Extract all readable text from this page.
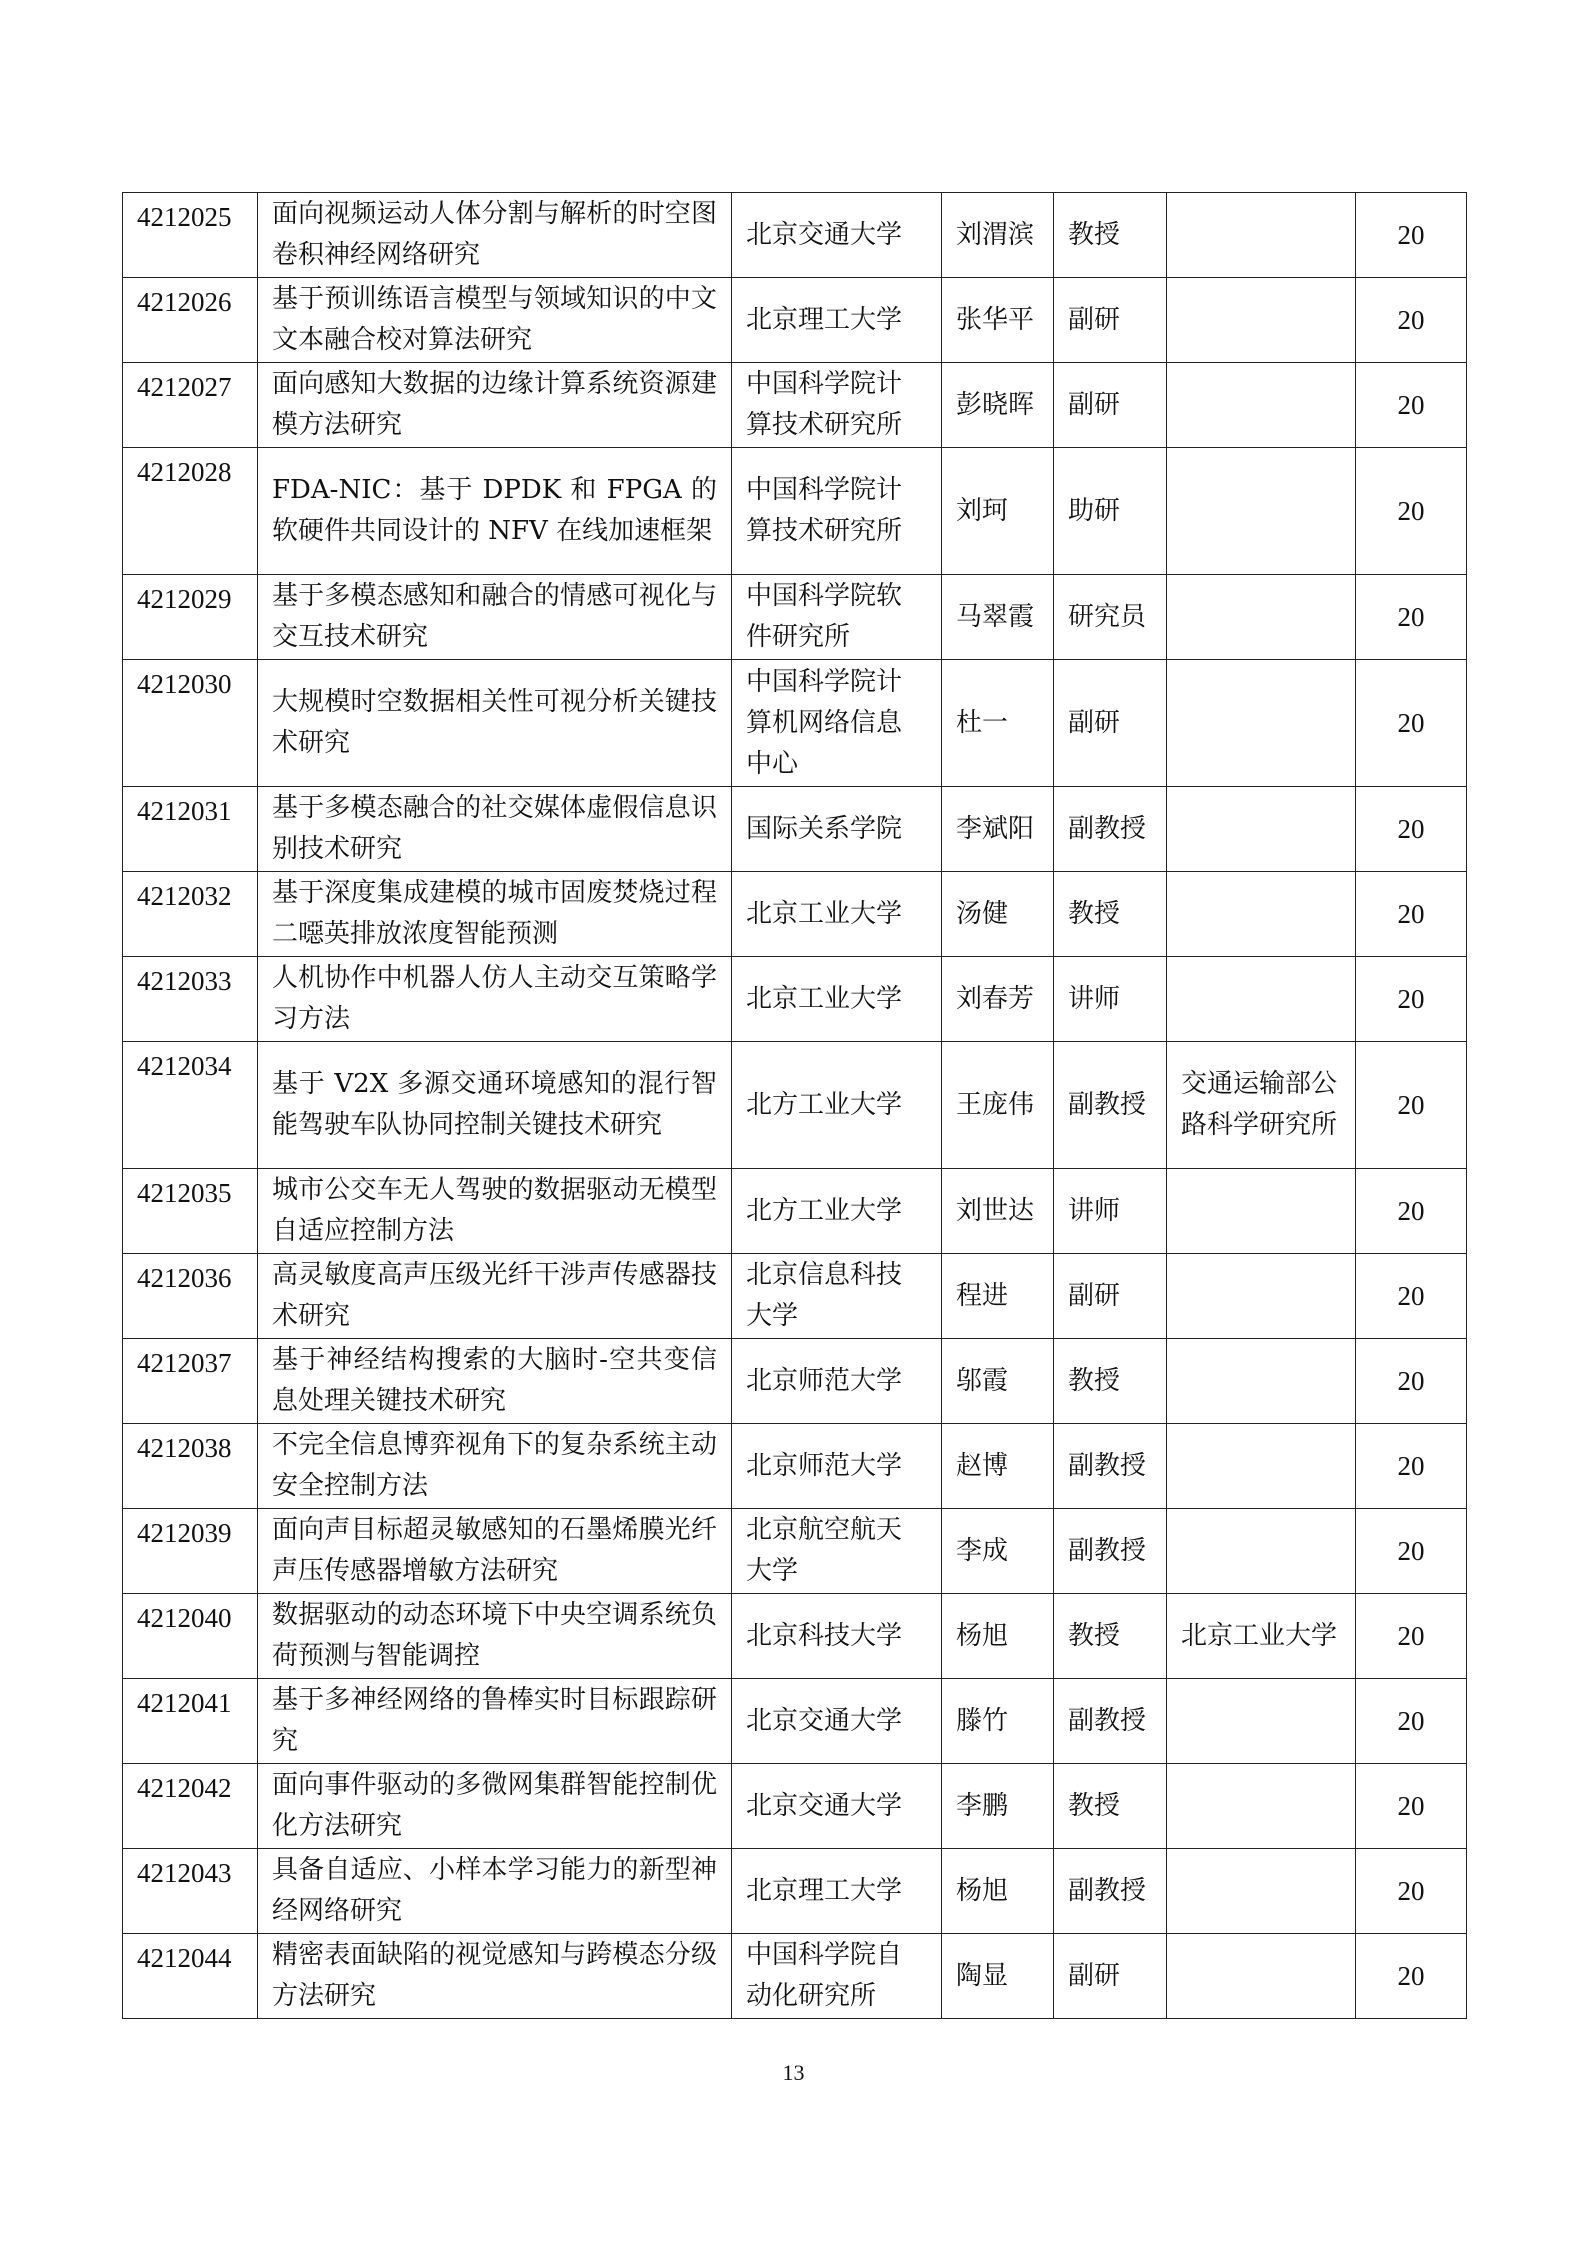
4212025	面向视频运动人体分割与解析的时空图卷积神经网络研究	北京交通大学	刘渭滨	教授		20
4212026	基于预训练语言模型与领域知识的中文文本融合校对算法研究	北京理工大学	张华平	副研		20
4212027	面向感知大数据的边缘计算系统资源建模方法研究	中国科学院计算技术研究所	彭晓晖	副研		20
4212028	FDA-NIC：基于 DPDK 和 FPGA 的软硬件共同设计的 NFV 在线加速框架	中国科学院计算技术研究所	刘珂	助研		20
4212029	基于多模态感知和融合的情感可视化与交互技术研究	中国科学院软件研究所	马翠霞	研究员		20
4212030	大规模时空数据相关性可视分析关键技术研究	中国科学院计算机网络信息中心	杜一	副研		20
4212031	基于多模态融合的社交媒体虚假信息识别技术研究	国际关系学院	李斌阳	副教授		20
4212032	基于深度集成建模的城市固废焚烧过程二噁英排放浓度智能预测	北京工业大学	汤健	教授		20
4212033	人机协作中机器人仿人主动交互策略学习方法	北京工业大学	刘春芳	讲师		20
4212034	基于 V2X 多源交通环境感知的混行智能驾驶车队协同控制关键技术研究	北方工业大学	王庞伟	副教授	交通运输部公路科学研究所	20
4212035	城市公交车无人驾驶的数据驱动无模型自适应控制方法	北方工业大学	刘世达	讲师		20
4212036	高灵敏度高声压级光纤干涉声传感器技术研究	北京信息科技大学	程进	副研		20
4212037	基于神经结构搜索的大脑时-空共变信息处理关键技术研究	北京师范大学	邬霞	教授		20
4212038	不完全信息博弈视角下的复杂系统主动安全控制方法	北京师范大学	赵博	副教授		20
4212039	面向声目标超灵敏感知的石墨烯膜光纤声压传感器增敏方法研究	北京航空航天大学	李成	副教授		20
4212040	数据驱动的动态环境下中央空调系统负荷预测与智能调控	北京科技大学	杨旭	教授	北京工业大学	20
4212041	基于多神经网络的鲁棒实时目标跟踪研究	北京交通大学	滕竹	副教授		20
4212042	面向事件驱动的多微网集群智能控制优化方法研究	北京交通大学	李鹏	教授		20
4212043	具备自适应、小样本学习能力的新型神经网络研究	北京理工大学	杨旭	副教授		20
4212044	精密表面缺陷的视觉感知与跨模态分级方法研究	中国科学院自动化研究所	陶显	副研		20
13
